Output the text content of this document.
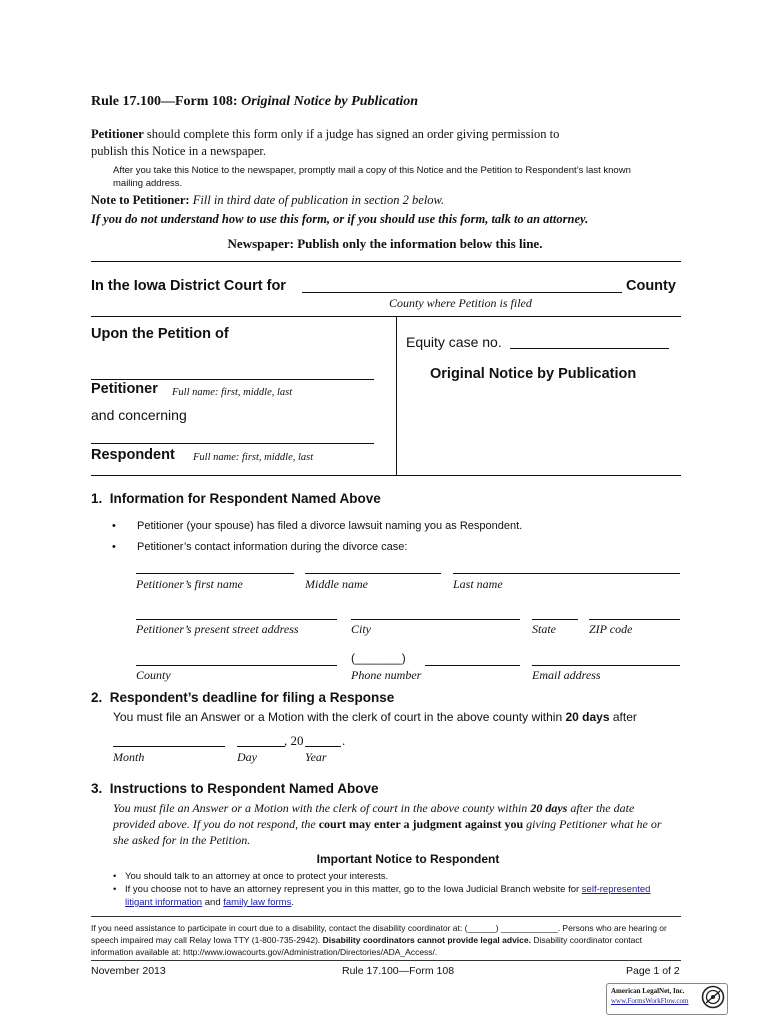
Rule 17.100—Form 108: Original Notice by Publication
Petitioner should complete this form only if a judge has signed an order giving permission to publish this Notice in a newspaper.
After you take this Notice to the newspaper, promptly mail a copy of this Notice and the Petition to Respondent’s last known mailing address.
Note to Petitioner: Fill in third date of publication in section 2 below.
If you do not understand how to use this form, or if you should use this form, talk to an attorney.
Newspaper: Publish only the information below this line.
In the Iowa District Court for	County
County where Petition is filed
Upon the Petition of
Petitioner Full name: first, middle, last
and concerning
Respondent Full name: first, middle, last
Equity case no.
Original Notice by Publication
1.  Information for Respondent Named Above
• Petitioner (your spouse) has filed a divorce lawsuit naming you as Respondent.
• Petitioner’s contact information during the divorce case:
Petitioner’s first name	Middle name	Last name
Petitioner’s present street address	City	State	ZIP code
(_______)
County	Phone number	Email address
2.  Respondent’s deadline for filing a Response
You must file an Answer or a Motion with the clerk of court in the above county within 20 days after
, 20	.
Month	Day	Year
3.  Instructions to Respondent Named Above
You must file an Answer or a Motion with the clerk of court in the above county within 20 days after the date provided above. If you do not respond, the court may enter a judgment against you giving Petitioner what he or she asked for in the Petition.
Important Notice to Respondent
• You should talk to an attorney at once to protect your interests.
• If you choose not to have an attorney represent you in this matter, go to the Iowa Judicial Branch website for self-represented litigant information and family law forms.
If you need assistance to participate in court due to a disability, contact the disability coordinator at: (______) ____________. Persons who are hearing or speech impaired may call Relay Iowa TTY (1-800-735-2942). Disability coordinators cannot provide legal advice. Disability coordinator contact information available at: http://www.iowacourts.gov/Administration/Directories/ADA_Access/.
November 2013	Rule 17.100—Form 108	Page 1 of 2
American LegalNet, Inc.
www.FormsWorkFlow.com
